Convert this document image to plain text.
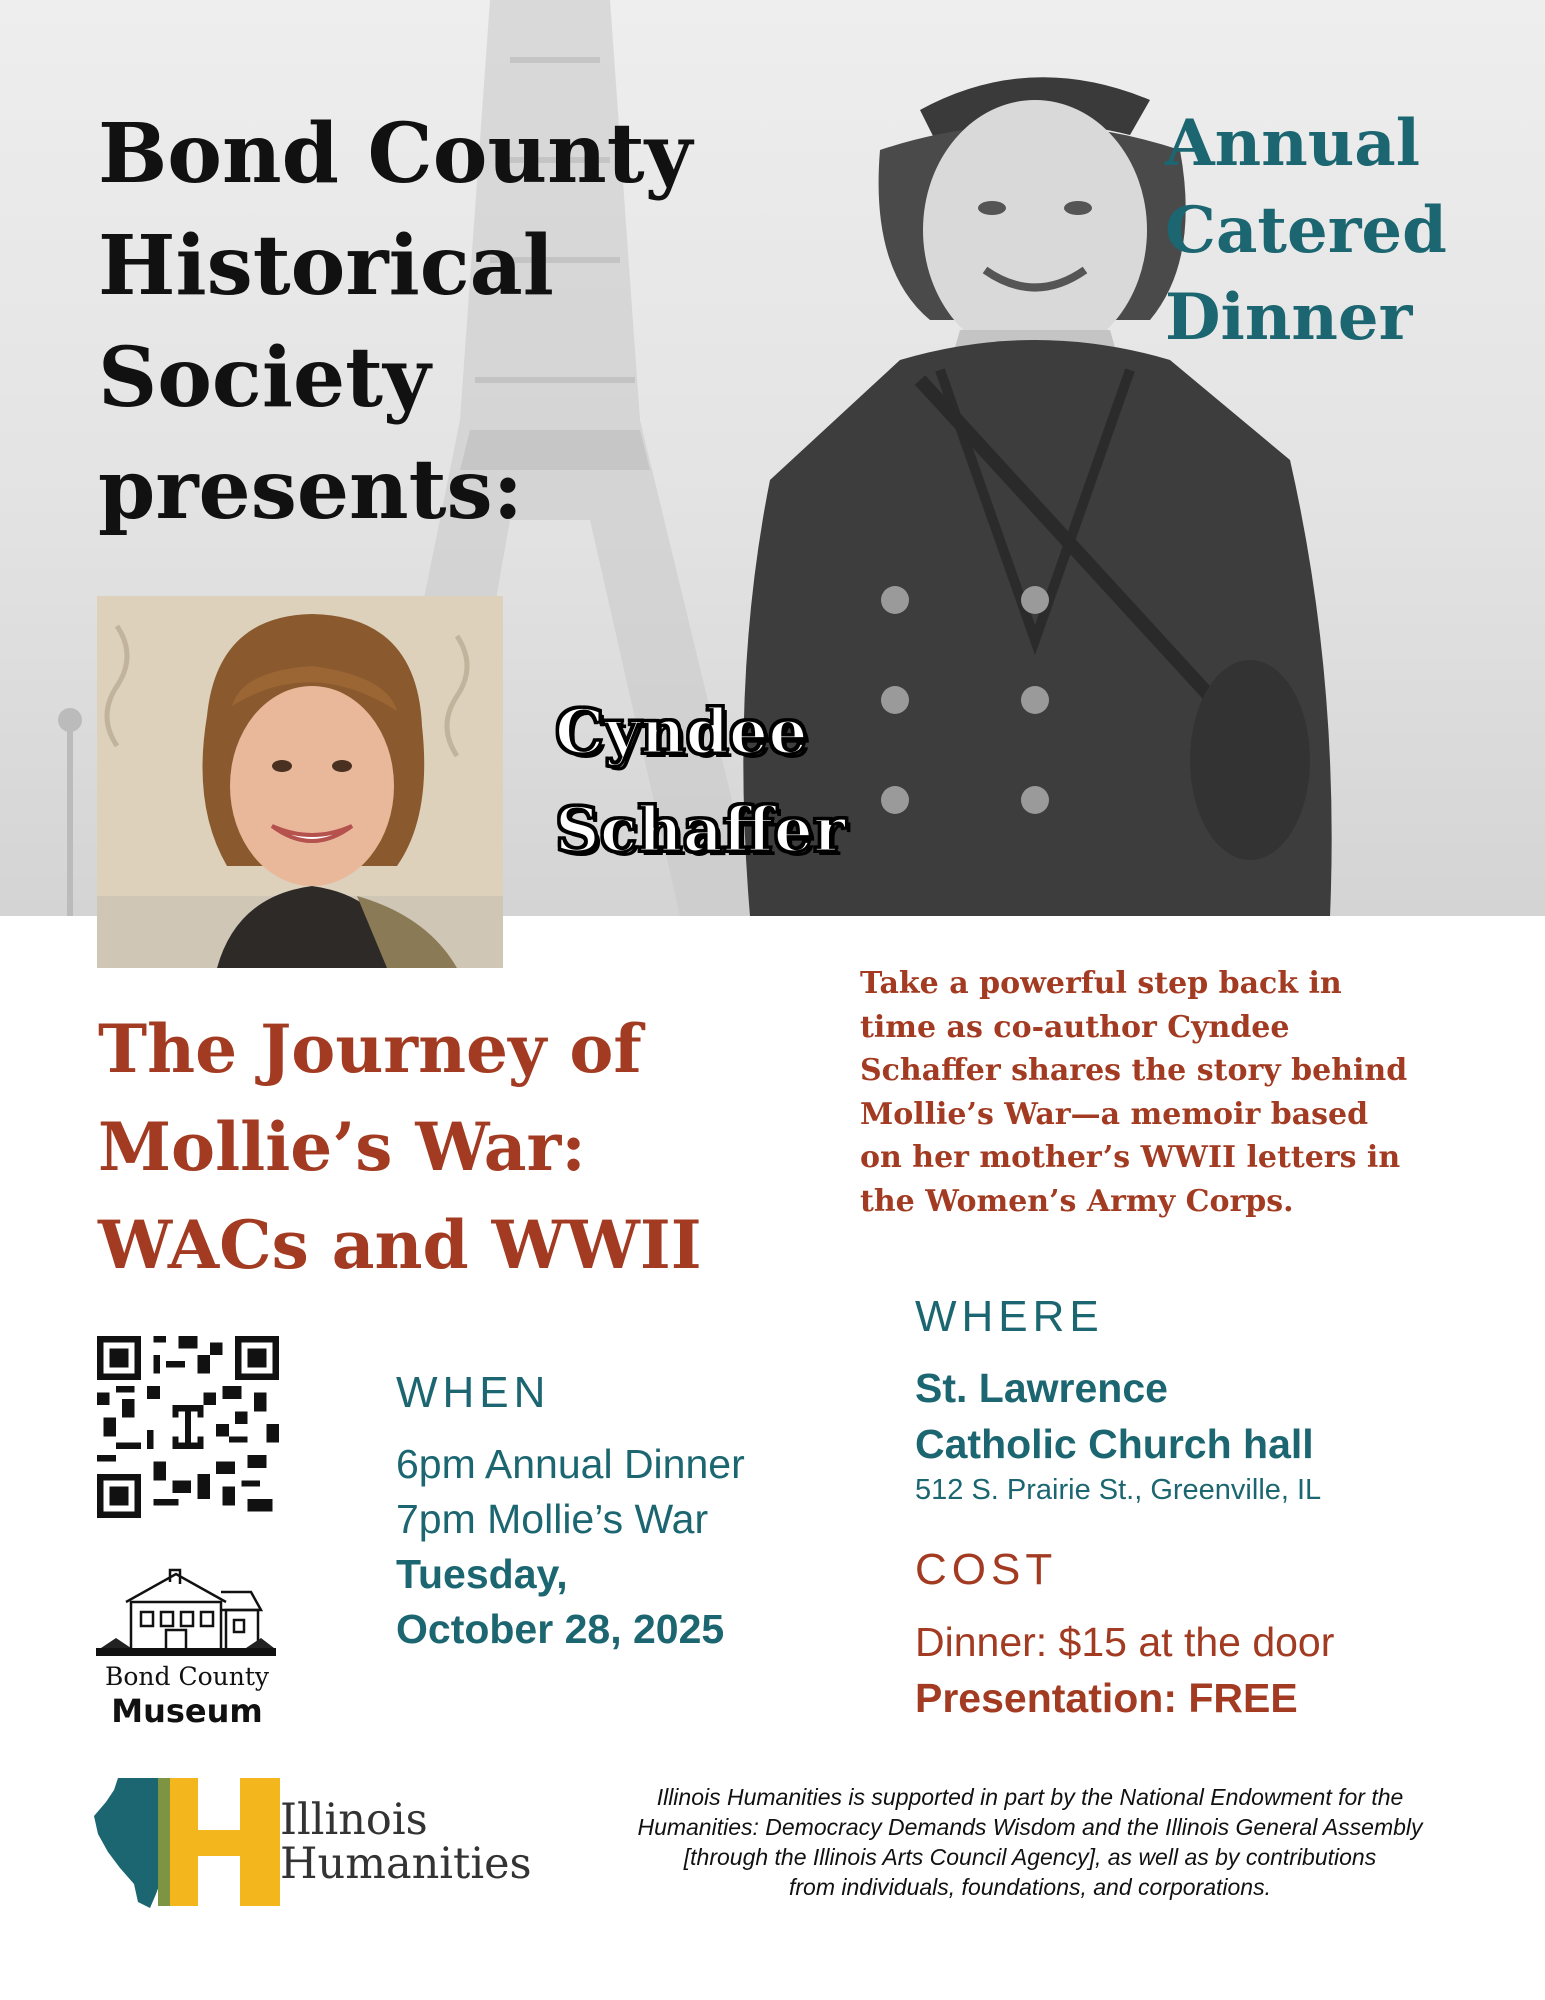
Bond County
Historical
Society
presents:
Annual
Catered
Dinner
Cyndee
Schaffer
The Journey of
Mollie’s War:
WACs and WWII

Take a powerful step back in
time as co-author Cyndee
Schaffer shares the story behind
Mollie’s War—a memoir based
on her mother’s WWII letters in
the Women’s Army Corps.

Bond County
Museum
WHEN

6pm Annual Dinner
7pm Mollie’s War
Tuesday,
October 28, 2025

WHERE

St. Lawrence
Catholic Church hall

512 S. Prairie St., Greenville, IL

COST

Dinner: $15 at the door
Presentation: FREE

Illinois
Humanities

Illinois Humanities is supported in part by the National Endowment for the
Humanities: Democracy Demands Wisdom and the Illinois General Assembly
[through the Illinois Arts Council Agency], as well as by contributions
from individuals, foundations, and corporations.
